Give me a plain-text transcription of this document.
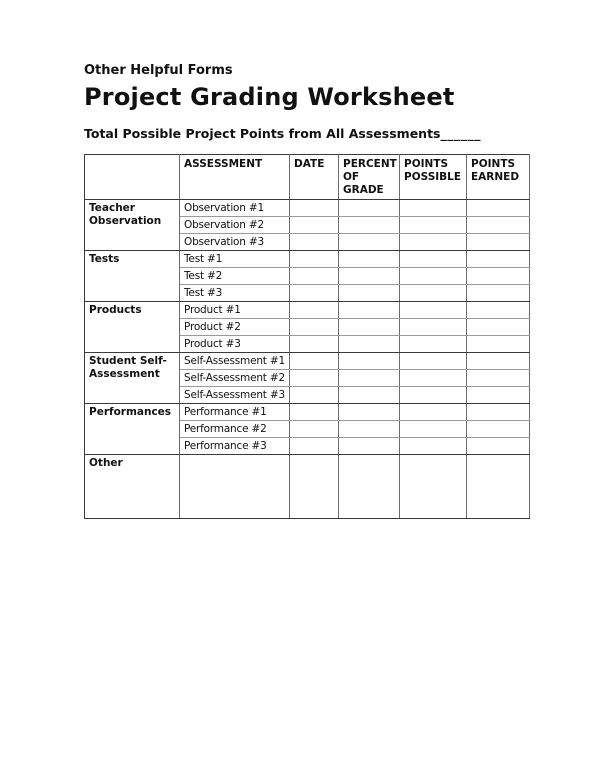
Other Helpful Forms
Project Grading Worksheet
Total Possible Project Points from All Assessments______
	ASSESSMENT	DATE	PERCENT OF GRADE	POINTS POSSIBLE	POINTS EARNED
Teacher Observation	Observation #1				
	Observation #2				
	Observation #3				
Tests	Test #1				
	Test #2				
	Test #3				
Products	Product #1				
	Product #2				
	Product #3				
Student Self-Assessment	Self-Assessment #1				
	Self-Assessment #2				
	Self-Assessment #3				
Performances	Performance #1				
	Performance #2				
	Performance #3				
Other					
